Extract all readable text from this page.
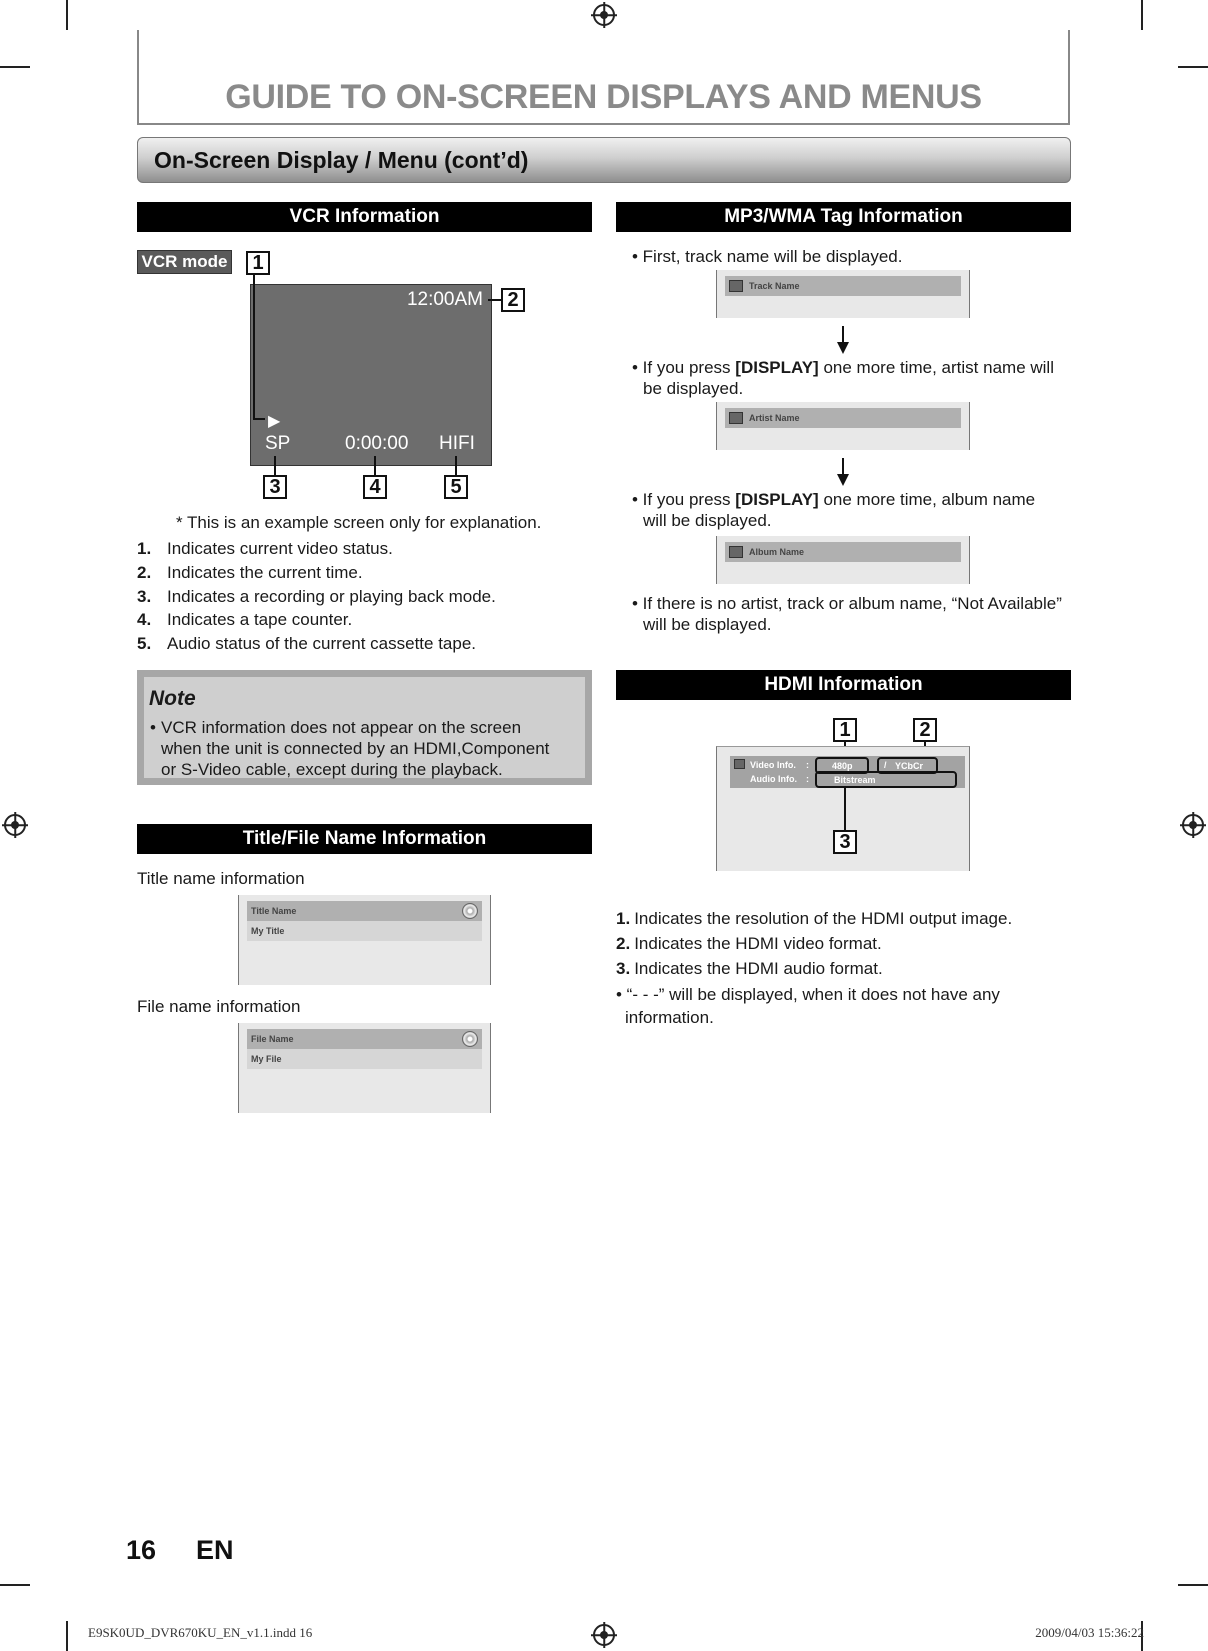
GUIDE TO ON-SCREEN DISPLAYS AND MENUS
On-Screen Display / Menu (cont’d)
VCR Information
VCR mode
12:00AM
▶
SP	0:00:00 HIFI
1
2
3	4	5
* This is an example screen only for explanation.
1. Indicates current video status.
2. Indicates the current time.
3. Indicates a recording or playing back mode.
4. Indicates a tape counter.
5. Audio status of the current cassette tape.
Note
• VCR information does not appear on the screen
when the unit is connected by an HDMI,Component
or S-Video cable, except during the playback.
Title/File Name Information
Title name information
Title Name
My Title
File name information
File Name
My File
MP3/WMA Tag Information
• First, track name will be displayed.
Track Name
• If you press [DISPLAY] one more time, artist name will
be displayed.
Artist Name
• If you press [DISPLAY] one more time, album name
will be displayed.
Album Name
• If there is no artist, track or album name, “Not Available”
will be displayed.
HDMI Information
1	2
Video Info. :
Audio Info. :
480p	/ YCbCr
Bitstream
3
1. Indicates the resolution of the HDMI output image.
2. Indicates the HDMI video format.
3. Indicates the HDMI audio format.
• “- - -” will be displayed, when it does not have any
information.
16 EN
E9SK0UD_DVR670KU_EN_v1.1.indd 16	2009/04/03 15:36:22
